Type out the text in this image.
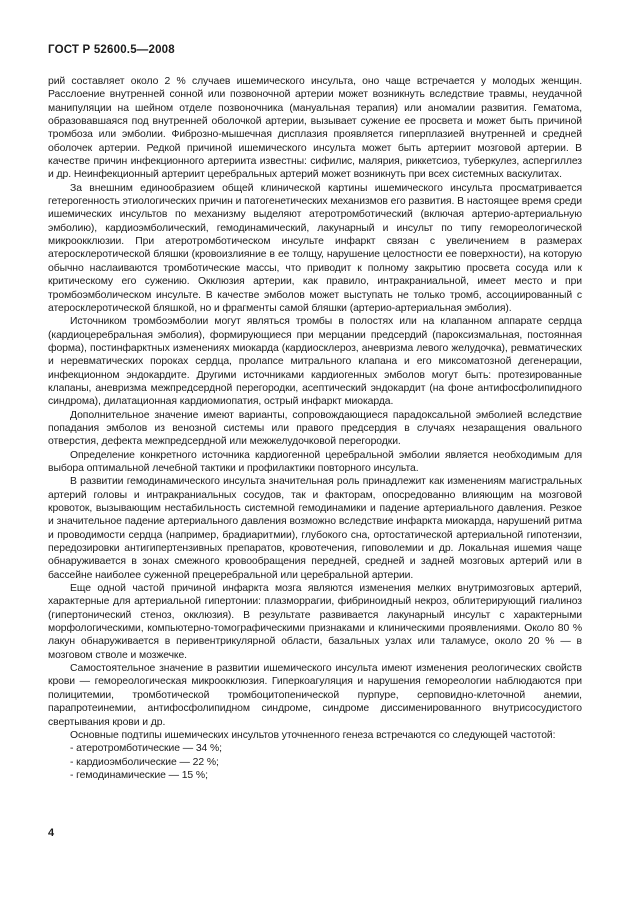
ГОСТ Р 52600.5—2008

рий составляет около 2 % случаев ишемического инсульта, оно чаще встречается у молодых женщин. Расслоение внутренней сонной или позвоночной артерии может возникнуть вследствие травмы, неудачной манипуляции на шейном отделе позвоночника (мануальная терапия) или аномалии развития. Гематома, образовавшаяся под внутренней оболочкой артерии, вызывает сужение ее просвета и может быть причиной тромбоза или эмболии. Фиброзно-мышечная дисплазия проявляется гиперплазией внутренней и средней оболочек артерии. Редкой причиной ишемического инсульта может быть артериит мозговой артерии. В качестве причин инфекционного артериита известны: сифилис, малярия, риккетсиоз, туберкулез, аспергиллез и др. Неинфекционный артериит церебральных артерий может возникнуть при всех системных васкулитах.

За внешним единообразием общей клинической картины ишемического инсульта просматривается гетерогенность этиологических причин и патогенетических механизмов его развития. В настоящее время среди ишемических инсультов по механизму выделяют атеротромботический (включая артерио-артериальную эмболию), кардиоэмболический, гемодинамический, лакунарный и инсульт по типу гемореологической микроокклюзии. При атеротромботическом инсульте инфаркт связан с увеличением в размерах атеросклеротической бляшки (кровоизлияние в ее толщу, нарушение целостности ее поверхности), на которую обычно наслаиваются тромботические массы, что приводит к полному закрытию просвета сосуда или к критическому его сужению. Окклюзия артерии, как правило, интракраниальной, имеет место и при тромбоэмболическом инсульте. В качестве эмболов может выступать не только тромб, ассоциированный с атеросклеротической бляшкой, но и фрагменты самой бляшки (артерио-артериальная эмболия).

Источником тромбоэмболии могут являться тромбы в полостях или на клапанном аппарате сердца (кардиоцеребральная эмболия), формирующиеся при мерцании предсердий (пароксизмальная, постоянная форма), постинфарктных изменениях миокарда (кардиосклероз, аневризма левого желудочка), ревматических и неревматических пороках сердца, пролапсе митрального клапана и его миксоматозной дегенерации, инфекционном эндокардите. Другими источниками кардиогенных эмболов могут быть: протезированные клапаны, аневризма межпредсердной перегородки, асептический эндокардит (на фоне антифосфолипидного синдрома), дилатационная кардиомиопатия, острый инфаркт миокарда.

Дополнительное значение имеют варианты, сопровождающиеся парадоксальной эмболией вследствие попадания эмболов из венозной системы или правого предсердия в случаях незаращения овального отверстия, дефекта межпредсердной или межжелудочковой перегородки.

Определение конкретного источника кардиогенной церебральной эмболии является необходимым для выбора оптимальной лечебной тактики и профилактики повторного инсульта.

В развитии гемодинамического инсульта значительная роль принадлежит как изменениям магистральных артерий головы и интракраниальных сосудов, так и факторам, опосредованно влияющим на мозговой кровоток, вызывающим нестабильность системной гемодинамики и падение артериального давления. Резкое и значительное падение артериального давления возможно вследствие инфаркта миокарда, нарушений ритма и проводимости сердца (например, брадиаритмии), глубокого сна, ортостатической артериальной гипотензии, передозировки антигипертензивных препаратов, кровотечения, гиповолемии и др. Локальная ишемия чаще обнаруживается в зонах смежного кровообращения передней, средней и задней мозговых артерий или в бассейне наиболее суженной прецеребральной или церебральной артерии.

Еще одной частой причиной инфаркта мозга являются изменения мелких внутримозговых артерий, характерные для артериальной гипертонии: плазморрагии, фибриноидный некроз, облитерирующий гиалиноз (гипертонический стеноз, окклюзия). В результате развивается лакунарный инсульт с характерными морфологическими, компьютерно-томографическими признаками и клиническими проявлениями. Около 80 % лакун обнаруживается в перивентрикулярной области, базальных узлах или таламусе, около 20 % — в мозговом стволе и мозжечке.

Самостоятельное значение в развитии ишемического инсульта имеют изменения реологических свойств крови — гемореологическая микроокклюзия. Гиперкоагуляция и нарушения гемореологии наблюдаются при полицитемии, тромботической тромбоцитопенической пурпуре, серповидно-клеточной анемии, парапротеинемии, антифосфолипидном синдроме, синдроме диссименированного внутрисосудистого свертывания крови и др.

Основные подтипы ишемических инсультов уточненного генеза встречаются со следующей частотой:

- атеротромботические — 34 %;

- кардиоэмболические — 22 %;

- гемодинамические — 15 %;

4
